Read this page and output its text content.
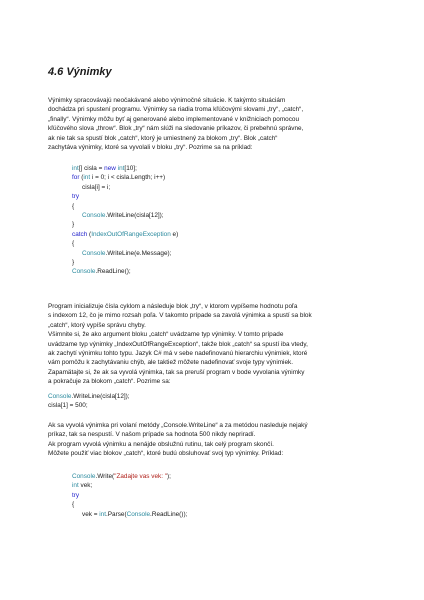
4.6 Výnimky
Výnimky spracovávajú neočakávané alebo výnimočné situácie. K takýmto situáciám
dochádza pri spustení programu. Výnimky sa riadia troma kľúčovými slovami „try“, „catch“,
„finally“. Výnimky môžu byť aj generované alebo implementované v knižniciach pomocou
kľúčového slova „throw“. Blok „try“ nám slúži na sledovanie príkazov, či prebehnú správne,
ak nie tak sa spustí blok „catch“, ktorý je umiestnený za blokom „try“. Blok „catch“
zachytáva výnimky, ktoré sa vyvolali v bloku „try“. Pozrime sa na príklad:
int[] cisla = new int[10];
for (int i = 0; i < cisla.Length; i++)
cisla[i] = i;
try
{
Console.WriteLine(cisla[12]);
}
catch (IndexOutOfRangeException e)
{
Console.WriteLine(e.Message);
}
Console.ReadLine();
Program inicializuje čísla cyklom a následuje blok „try“, v ktorom vypíšeme hodnotu poľa
s indexom 12, čo je mimo rozsah poľa. V takomto prípade sa zavolá výnimka a spustí sa blok
„catch“, ktorý vypíše správu chyby.
Všimnite si, že ako argument bloku „catch“ uvádzame typ výnimky. V tomto prípade
uvádzame typ výnimky „IndexOutOfRangeException“, takže blok „catch“ sa spustí iba vtedy,
ak zachytí výnimku tohto typu. Jazyk C# má v sebe nadefinovanú hierarchiu výnimiek, ktoré
vám pomôžu k zachytávaniu chýb, ale taktiež môžete nadefinovať svoje typy výnimiek.
Zapamätajte si, že ak sa vyvolá výnimka, tak sa preruší program v bode vyvolania výnimky
a pokračuje za blokom „catch“. Pozrime sa:
Console.WriteLine(cisla[12]);
cisla[1] = 500;
Ak sa vyvolá výnimka pri volaní metódy „Console.WriteLine“ a za metódou nasleduje nejaký
príkaz, tak sa nespustí. V našom prípade sa hodnota 500 nikdy nepriradí.
Ak program vyvolá výnimku a nenájde obslužnú rutinu, tak celý program skončí.
Môžete použiť viac blokov „catch“, ktoré budú obsluhovať svoj typ výnimky. Príklad:
Console.Write("Zadajte vas vek: ");
int vek;
try
{
vek = int.Parse(Console.ReadLine());
